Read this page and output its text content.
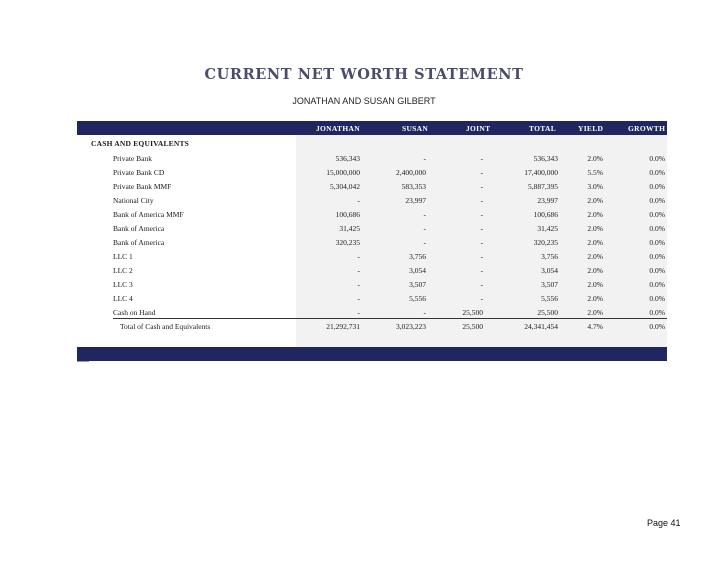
CURRENT NET WORTH STATEMENT
JONATHAN AND SUSAN GILBERT
JONATHAN	SUSAN	JOINT	TOTAL	YIELD	GROWTH
CASH AND EQUIVALENTS
Private Bank	536,343	-	-	536,343	2.0%	0.0%
Private Bank CD	15,000,000	2,400,000	-	17,400,000	5.5%	0.0%
Private Bank MMF	5,304,042	583,353	-	5,887,395	3.0%	0.0%
National City	-	23,997	-	23,997	2.0%	0.0%
Bank of America MMF	100,686	-	-	100,686	2.0%	0.0%
Bank of America	31,425	-	-	31,425	2.0%	0.0%
Bank of America	320,235	-	-	320,235	2.0%	0.0%
LLC 1	-	3,756	-	3,756	2.0%	0.0%
LLC 2	-	3,054	-	3,054	2.0%	0.0%
LLC 3	-	3,507	-	3,507	2.0%	0.0%
LLC 4	-	5,556	-	5,556	2.0%	0.0%
Cash on Hand	-	-	25,500	25,500	2.0%	0.0%
Total of Cash and Equivalents	21,292,731	3,023,223	25,500	24,341,454	4.7%	0.0%
Page 41
